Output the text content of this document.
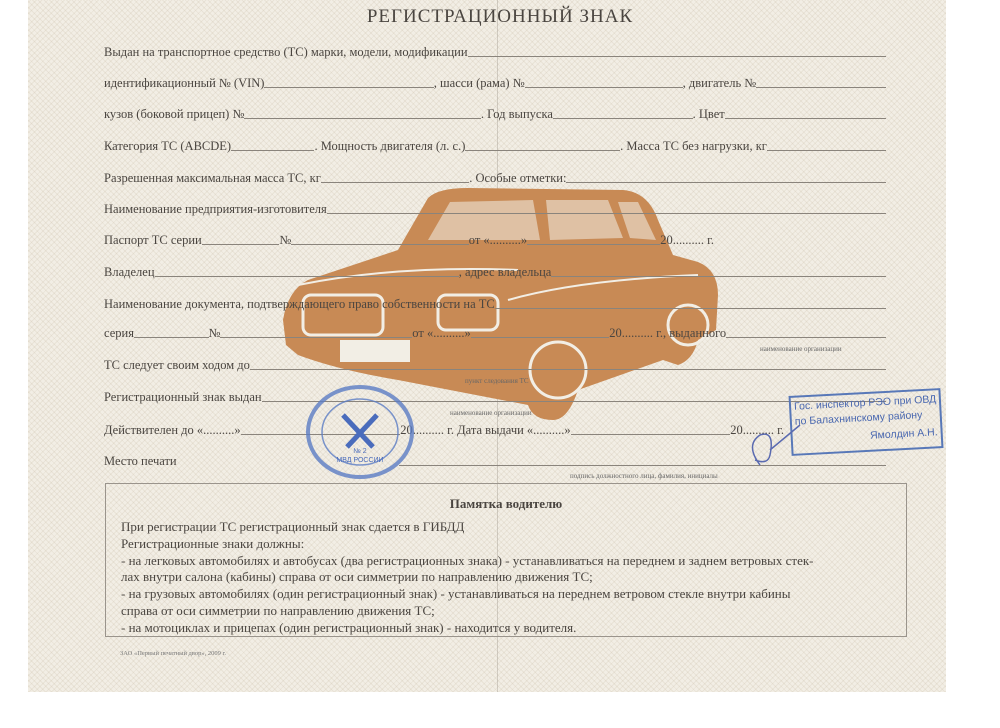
РЕГИСТРАЦИОННЫЙ ЗНАК
Выдан на транспортное средство (ТС) марки, модели, модификации
идентификационный № (VIN)	, шасси (рама) №	, двигатель №
кузов (боковой прицеп) №	. Год выпуска	. Цвет
Категория ТС (ABCDE)	. Мощность двигателя (л. с.)	. Масса ТС без нагрузки, кг
Разрешенная максимальная масса ТС, кг	. Особые отметки:
Наименование предприятия-изготовителя
Паспорт ТС серии	№	от «..........»	20.......... г.
Владелец	, адрес владельца
Наименование документа, подтверждающего право собственности на ТС
серия	№	от «..........»	20.......... г., выданного
ТС следует своим ходом до
Регистрационный знак выдан
Действителен до «..........»	20.......... г. Дата выдачи «..........»	20.......... г.
Место печати
наименование организации
пункт следования ТС
наименование организации
подпись должностного лица, фамилия, инициалы
№ 2
МВД РОССИИ
Гос. инспектор РЭО при ОВД
по Балахнинскому району
Ямолдин А.Н.
Памятка водителю
При регистрации ТС регистрационный знак сдается в ГИБДД
Регистрационные знаки должны:
- на легковых автомобилях и автобусах (два регистрационных знака) - устанавливаться на переднем и заднем ветровых стек-
лах внутри салона (кабины) справа от оси симметрии по направлению движения ТС;
- на грузовых автомобилях (один регистрационный знак) - устанавливаться на переднем ветровом стекле внутри кабины
справа от оси симметрии по направлению движения ТС;
- на мотоциклах и прицепах (один регистрационный знак) - находится у водителя.
ЗАО «Первый печатный двор», 2009 г.
